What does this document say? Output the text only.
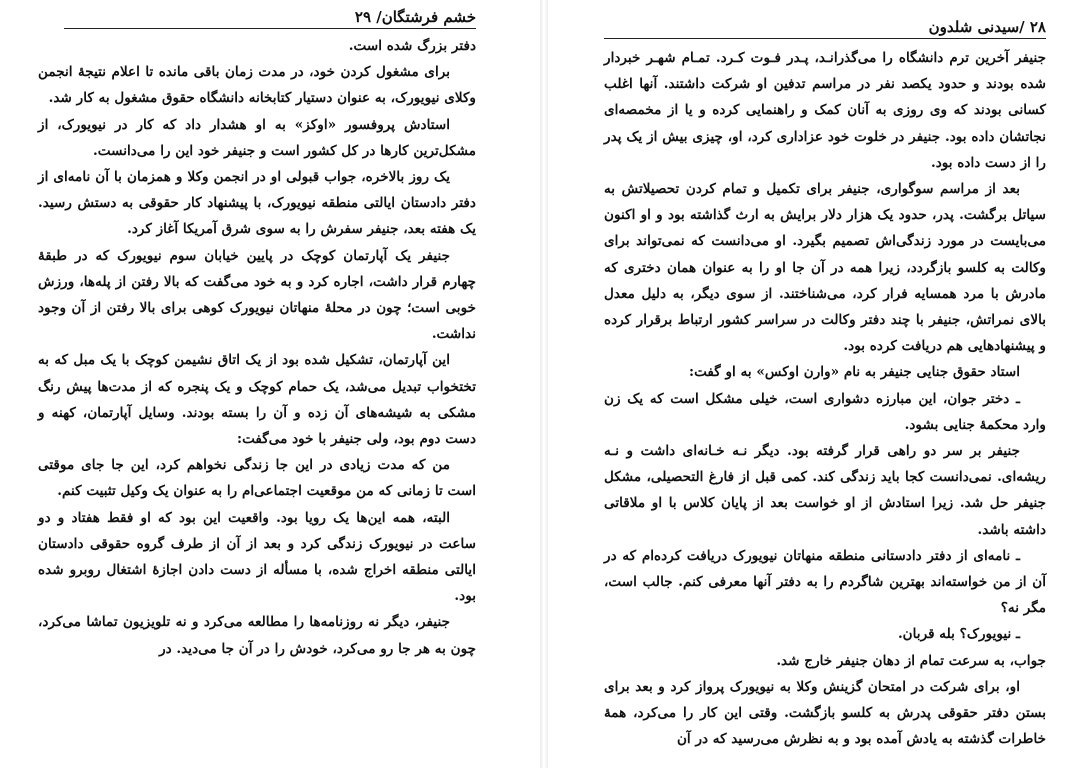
خشم فرشتگان/ ۲۹

دفتر بزرگ شده است.

برای مشغول کردن خود، در مدت زمان باقی مانده تا اعلام نتیجهٔ انجمن وکلای نیویورک، به عنوان دستیار کتابخانه دانشگاه حقوق مشغول به کار شد.

استادش پروفسور «اوکز» به او هشدار داد که کار در نیویورک، از مشکل‌ترین کارها در کل کشور است و جنیفر خود این را می‌دانست.

یک روز بالاخره، جواب قبولی او در انجمن وکلا و همزمان با آن نامه‌ای از دفتر دادستان ایالتی منطقه نیویورک، با پیشنهاد کار حقوقی به دستش رسید. یک هفته بعد، جنیفر سفرش را به سوی شرق آمریکا آغاز کرد.

جنیفر یک آپارتمان کوچک در پایین خیابان سوم نیویورک که در طبقهٔ چهارم قرار داشت، اجاره کرد و به خود می‌گفت که بالا رفتن از پله‌ها، ورزش خوبی است؛ چون در محلهٔ منهاتان نیویورک کوهی برای بالا رفتن از آن وجود نداشت.

این آپارتمان، تشکیل شده بود از یک اتاق نشیمن کوچک با یک مبل که به تختخواب تبدیل می‌شد، یک حمام کوچک و یک پنجره که از مدت‌ها پیش رنگ مشکی به شیشه‌های آن زده و آن را بسته بودند. وسایل آپارتمان، کهنه و دست دوم بود، ولی جنیفر با خود می‌گفت:

من که مدت زیادی در این جا زندگی نخواهم کرد، این جا جای موقتی است تا زمانی که من موقعیت اجتماعی‌ام را به عنوان یک وکیل تثبیت کنم.

البته، همه این‌ها یک رویا بود. واقعیت این بود که او فقط هفتاد و دو ساعت در نیویورک زندگی کرد و بعد از آن از طرف گروه حقوقی دادستان ایالتی منطقه اخراج شده، با مسأله از دست دادن اجازهٔ اشتغال روبرو شده بود.

جنیفر، دیگر نه روزنامه‌ها را مطالعه می‌کرد و نه تلویزیون تماشا می‌کرد، چون به هر جا رو می‌کرد، خودش را در آن جا می‌دید. در

۲۸ /سیدنی شلدون

جنیفر آخرین ترم دانشگاه را می‌گذرانـد، پـدر فـوت کـرد. تمـام شهـر خبردار شده بودند و حدود یکصد نفر در مراسم تدفین او شرکت داشتند. آنها اغلب کسانی بودند که وی روزی به آنان کمک و راهنمایی کرده و یا از مخمصه‌ای نجاتشان داده بود. جنیفر در خلوت خود عزاداری کرد، او، چیزی بیش از یک پدر را از دست داده بود.

بعد از مراسم سوگواری، جنیفر برای تکمیل و تمام کردن تحصیلاتش به سیاتل برگشت. پدر، حدود یک هزار دلار برایش به ارث گذاشته بود و او اکنون می‌بایست در مورد زندگی‌اش تصمیم بگیرد. او می‌دانست که نمی‌تواند برای وکالت به کلسو بازگردد، زیرا همه در آن جا او را به عنوان همان دختری که مادرش با مرد همسایه فرار کرد، می‌شناختند. از سوی دیگر، به دلیل معدل بالای نمراتش، جنیفر با چند دفتر وکالت در سراسر کشور ارتباط برقرار کرده و پیشنهادهایی هم دریافت کرده بود.

استاد حقوق جنایی جنیفر به نام «وارن اوکس» به او گفت:

ـ دختر جوان، این مبارزه دشواری است، خیلی مشکل است که یک زن وارد محکمهٔ جنایی بشود.

جنیفر بر سر دو راهی قرار گرفته بود. دیگر نـه خـانه‌ای داشت و نـه ریشه‌ای. نمی‌دانست کجا باید زندگی کند. کمی قبل از فارغ التحصیلی، مشکل جنیفر حل شد. زیرا استادش از او خواست بعد از پایان کلاس با او ملاقاتی داشته باشد.

ـ نامه‌ای از دفتر دادستانی منطقه منهاتان نیویورک دریافت کرده‌ام که در آن از من خواسته‌اند بهترین شاگردم را به دفتر آنها معرفی کنم. جالب است، مگر نه؟

ـ نیویورک؟ بله قربان.

جواب، به سرعت تمام از دهان جنیفر خارج شد.

او، برای شرکت در امتحان گزینش وکلا به نیویورک پرواز کرد و بعد برای بستن دفتر حقوقی پدرش به کلسو بازگشت. وقتی این کار را می‌کرد، همهٔ خاطرات گذشته به یادش آمده بود و به نظرش می‌رسید که در آن
